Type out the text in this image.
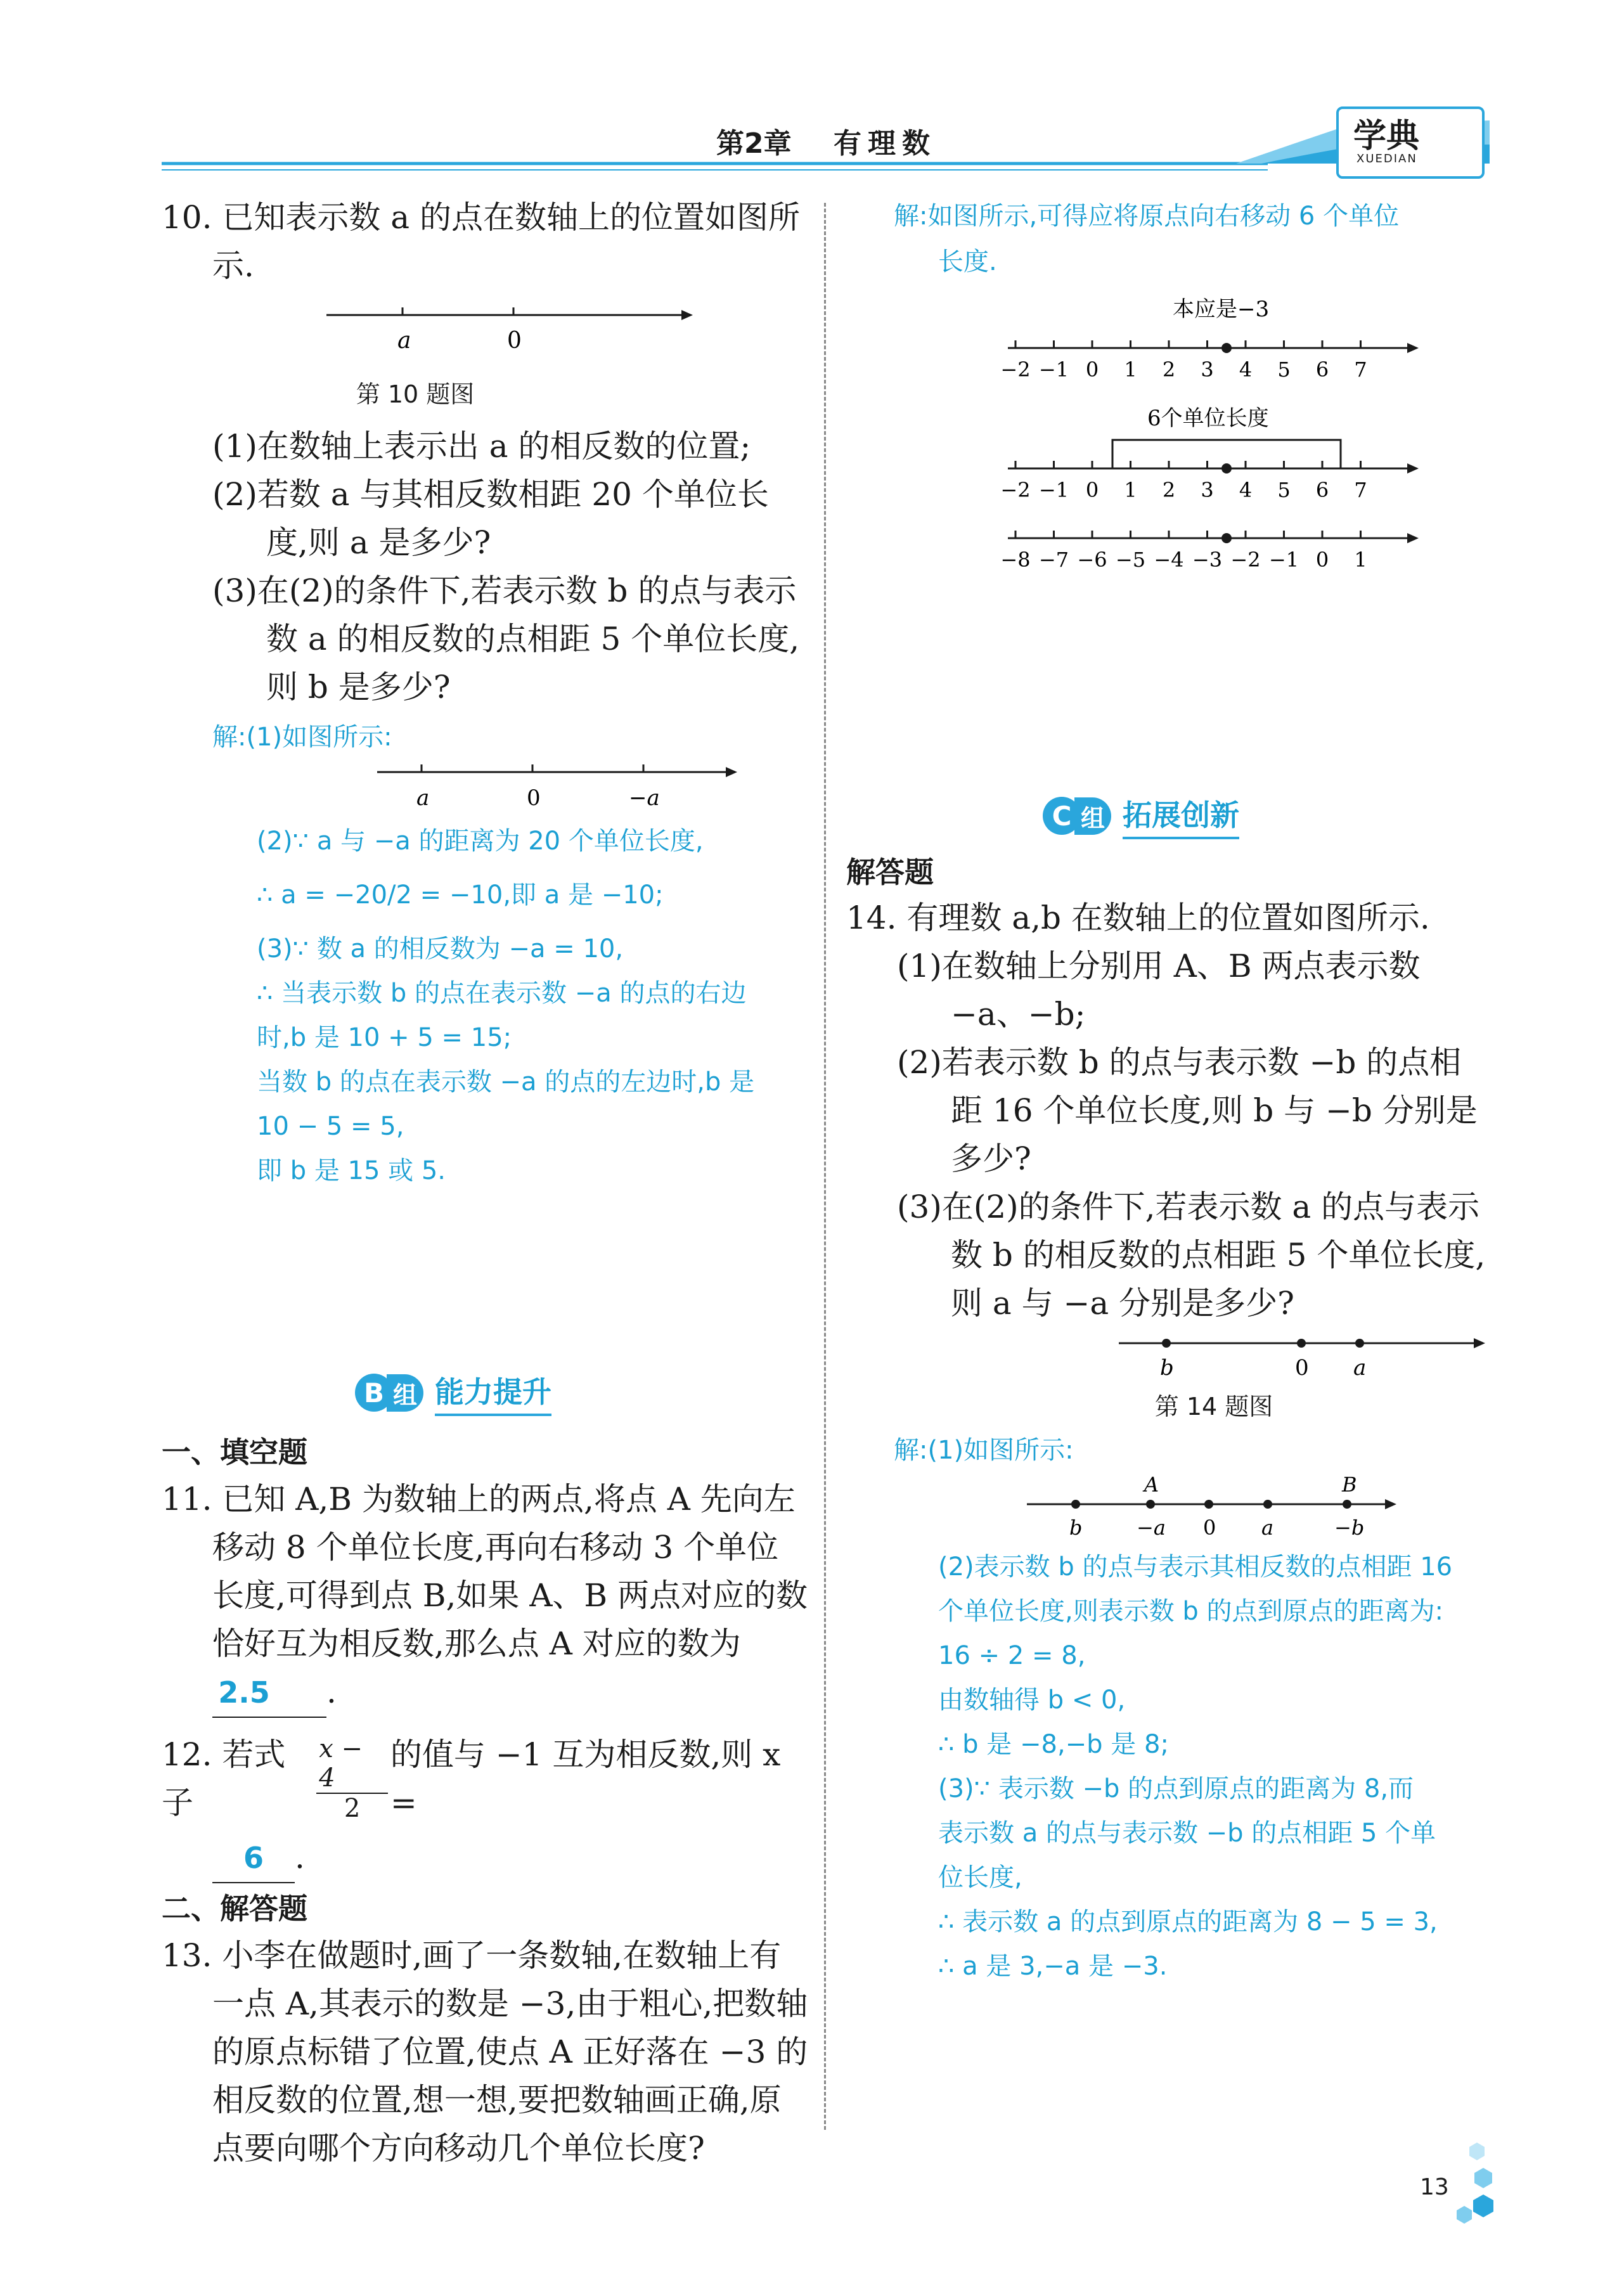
第2章 有理数	学典
XUEDIAN
10. 已知表示数 a 的点在数轴上的位置如图所示.
a	0
第 10 题图
(1)在数轴上表示出 a 的相反数的位置;
(2)若数 a 与其相反数相距 20 个单位长度,则 a 是多少?
(3)在(2)的条件下,若表示数 b 的点与表示数 a 的相反数的点相距 5 个单位长度,则 b 是多少?
解:(1)如图所示:
a	0	−a
(2)∵ a 与 −a 的距离为 20 个单位长度,
∴ a = −20/2 = −10,即 a 是 −10;
(3)∵ 数 a 的相反数为 −a = 10,
∴ 当表示数 b 的点在表示数 −a 的点的右边
时,b 是 10 + 5 = 15;
当数 b 的点在表示数 −a 的点的左边时,b 是
10 − 5 = 5,
即 b 是 15 或 5.
B 组 能力提升
一、填空题
11. 已知 A,B 为数轴上的两点,将点 A 先向左移动 8 个单位长度,再向右移动 3 个单位长度,可得到点 B,如果 A、B 两点对应的数恰好互为相反数,那么点 A 对应的数为2.5 .
12. 若式子	$\frac{x - 4}{2}$ 的值与 −1 互为相反数,则 x =
6 .
二、解答题
13. 小李在做题时,画了一条数轴,在数轴上有一点 A,其表示的数是 −3,由于粗心,把数轴的原点标错了位置,使点 A 正好落在 −3 的相反数的位置,想一想,要把数轴画正确,原点要向哪个方向移动几个单位长度?
解:如图所示,可得应将原点向右移动 6 个单位
长度.
本应是−3
−2 −1 0 1 2 3 4 5 6 7
6个单位长度
−2 −1 0 1 2 3 4 5 6 7
−8 −7 −6 −5 −4 −3 −2 −1 0 1
C 组 拓展创新
解答题
14. 有理数 a,b 在数轴上的位置如图所示.
(1)在数轴上分别用 A、B 两点表示数 −a、−b;
(2)若表示数 b 的点与表示数 −b 的点相距 16 个单位长度,则 b 与 −b 分别是多少?
(3)在(2)的条件下,若表示数 a 的点与表示数 b 的相反数的点相距 5 个单位长度,则 a 与 −a 分别是多少?
b	0 a
第 14 题图
解:(1)如图所示:
A	B
b	−a 0 a	−b
(2)表示数 b 的点与表示其相反数的点相距 16
个单位长度,则表示数 b 的点到原点的距离为:
16 ÷ 2 = 8,
由数轴得 b < 0,
∴ b 是 −8,−b 是 8;
(3)∵ 表示数 −b 的点到原点的距离为 8,而
表示数 a 的点与表示数 −b 的点相距 5 个单
位长度,
∴ 表示数 a 的点到原点的距离为 8 − 5 = 3,
∴ a 是 3,−a 是 −3.
13
